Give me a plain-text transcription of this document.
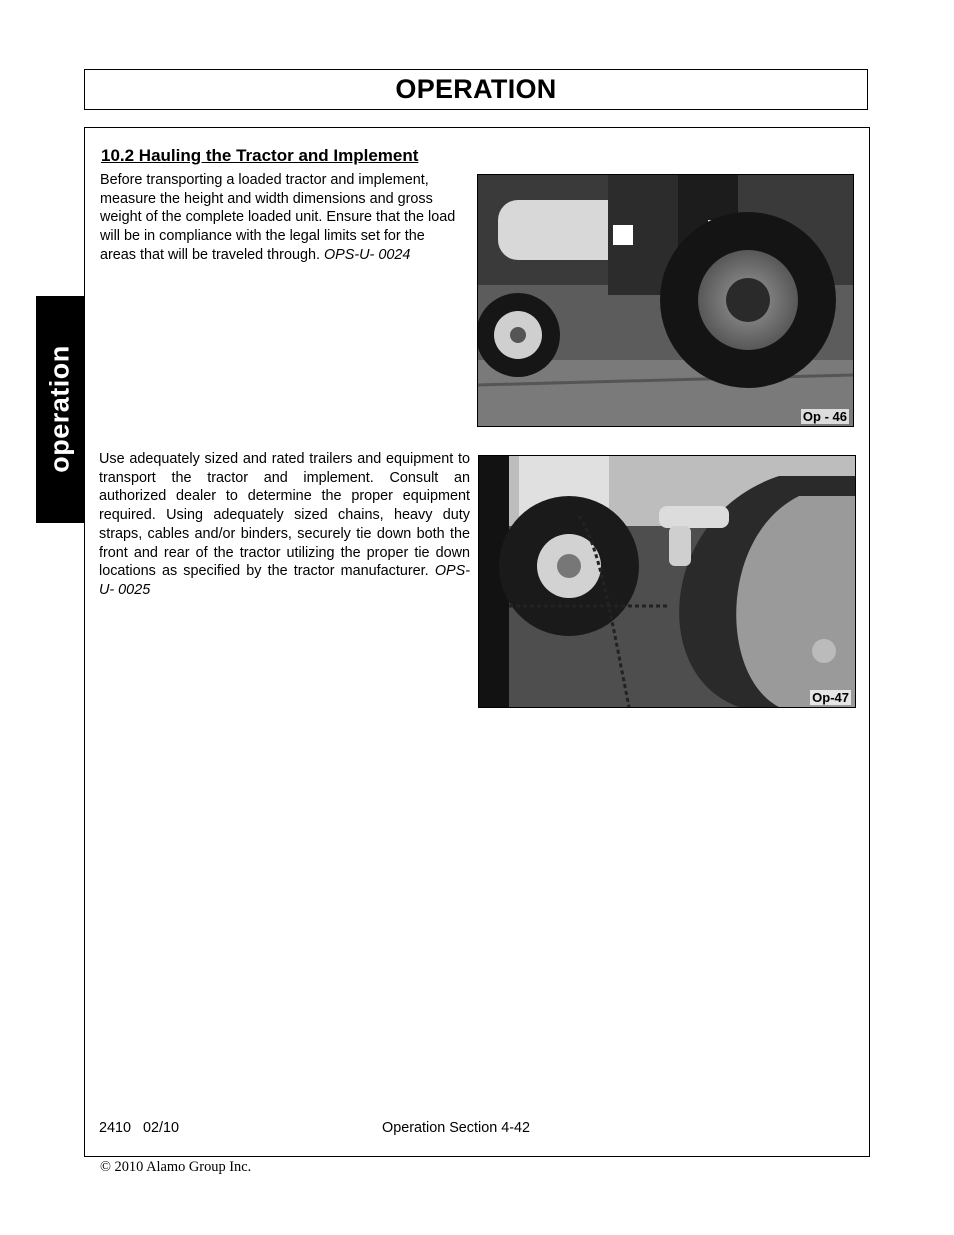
OPERATION
operation
10.2 Hauling the Tractor and Implement
Before transporting a loaded tractor and implement, measure the height and width dimensions and gross weight of the complete loaded unit. Ensure that the load will be in compliance with the legal limits set for the areas that will be traveled through. OPS-U- 0024
Op - 46
Use adequately sized and rated trailers and equipment to transport the tractor and implement. Consult an authorized dealer to determine the proper equipment required. Using adequately sized chains, heavy duty straps, cables and/or binders, securely tie down both the front and rear of the tractor utilizing the proper tie down locations as specified by the tractor manufacturer. OPS-U- 0025
Op-47
2410   02/10	Operation Section 4-42
© 2010 Alamo Group Inc.
